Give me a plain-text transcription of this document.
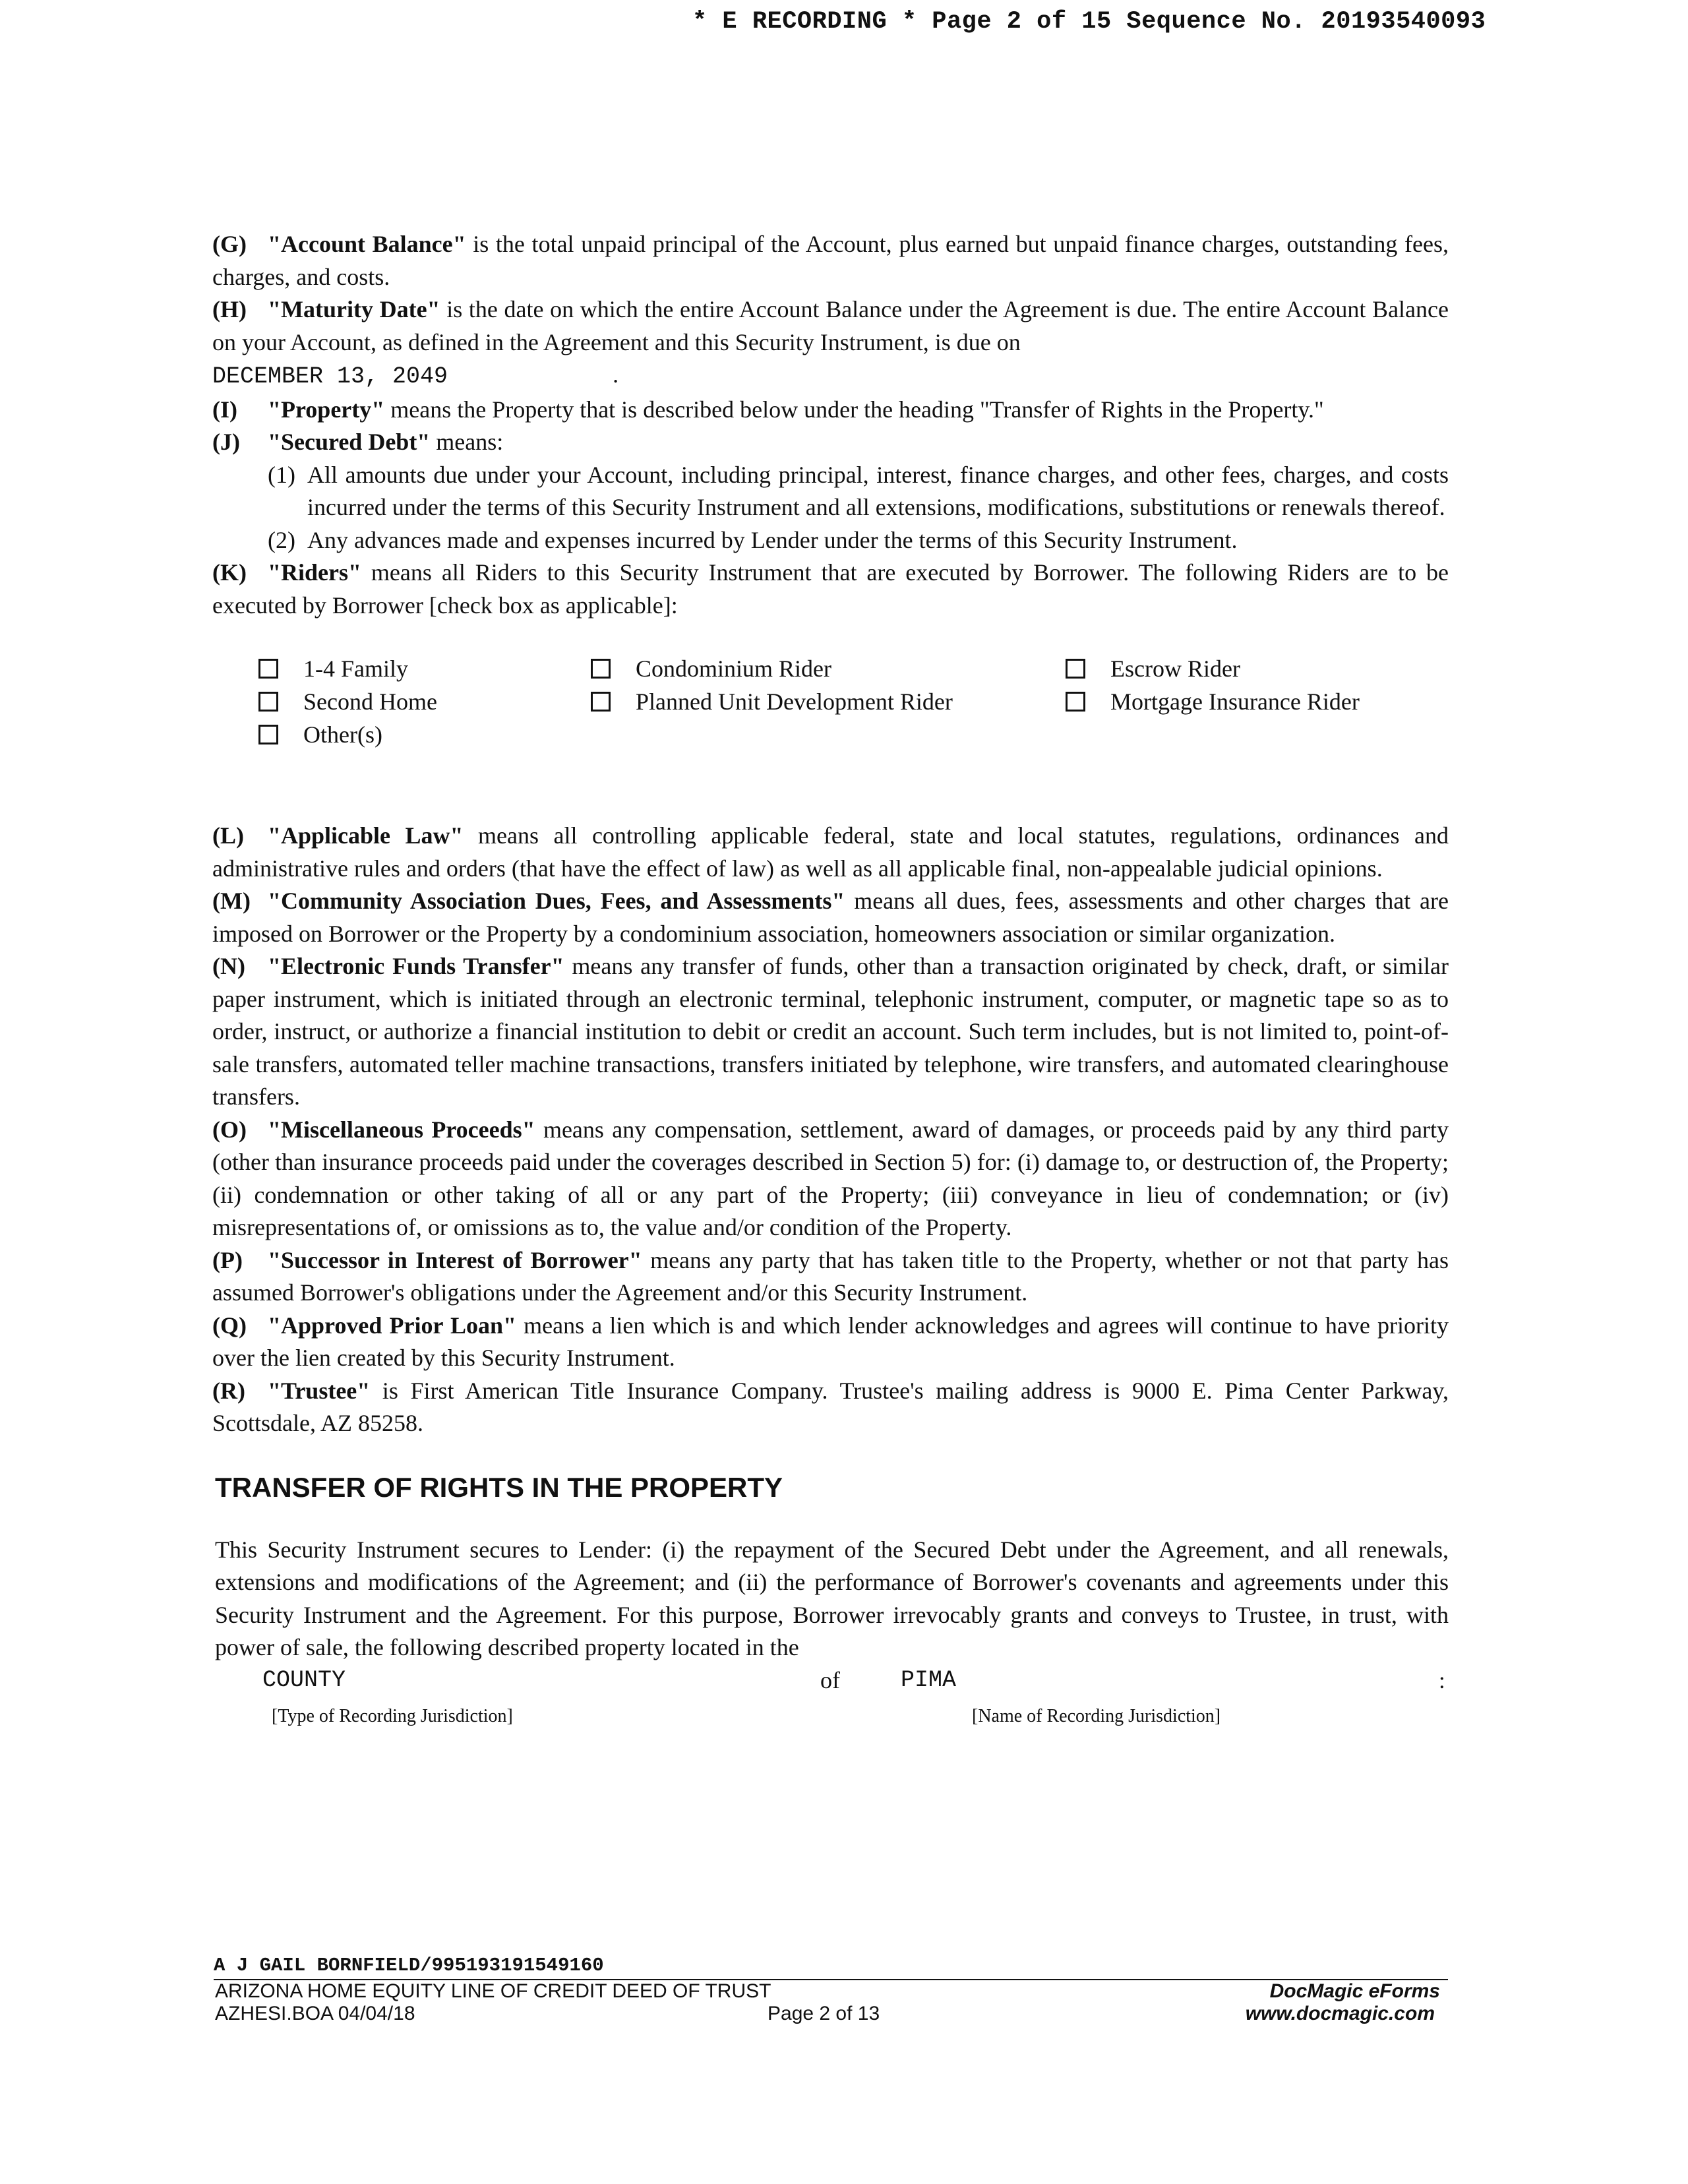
* E RECORDING * Page 2 of 15 Sequence No. 20193540093

(G) "Account Balance" is the total unpaid principal of the Account, plus earned but unpaid finance charges, outstanding fees, charges, and costs.

(H) "Maturity Date" is the date on which the entire Account Balance under the Agreement is due. The entire Account Balance on your Account, as defined in the Agreement and this Security Instrument, is due on

DECEMBER 13, 2049	.

(I) "Property" means the Property that is described below under the heading "Transfer of Rights in the Property."

(J) "Secured Debt" means:

(1) All amounts due under your Account, including principal, interest, finance charges, and other fees, charges, and costs incurred under the terms of this Security Instrument and all extensions, modifications, substitutions or renewals thereof.
(2) Any advances made and expenses incurred by Lender under the terms of this Security Instrument.

(K) "Riders" means all Riders to this Security Instrument that are executed by Borrower. The following Riders are to be executed by Borrower [check box as applicable]:

1-4 Family	Condominium Rider	Escrow Rider
Second Home	Planned Unit Development Rider	Mortgage Insurance Rider
Other(s)

(L) "Applicable Law" means all controlling applicable federal, state and local statutes, regulations, ordinances and administrative rules and orders (that have the effect of law) as well as all applicable final, non-appealable judicial opinions.

(M) "Community Association Dues, Fees, and Assessments" means all dues, fees, assessments and other charges that are imposed on Borrower or the Property by a condominium association, homeowners association or similar organization.

(N) "Electronic Funds Transfer" means any transfer of funds, other than a transaction originated by check, draft, or similar paper instrument, which is initiated through an electronic terminal, telephonic instrument, computer, or magnetic tape so as to order, instruct, or authorize a financial institution to debit or credit an account. Such term includes, but is not limited to, point-of-sale transfers, automated teller machine transactions, transfers initiated by telephone, wire transfers, and automated clearinghouse transfers.

(O) "Miscellaneous Proceeds" means any compensation, settlement, award of damages, or proceeds paid by any third party (other than insurance proceeds paid under the coverages described in Section 5) for: (i) damage to, or destruction of, the Property; (ii) condemnation or other taking of all or any part of the Property; (iii) conveyance in lieu of condemnation; or (iv) misrepresentations of, or omissions as to, the value and/or condition of the Property.

(P) "Successor in Interest of Borrower" means any party that has taken title to the Property, whether or not that party has assumed Borrower's obligations under the Agreement and/or this Security Instrument.

(Q) "Approved Prior Loan" means a lien which is and which lender acknowledges and agrees will continue to have priority over the lien created by this Security Instrument.

(R) "Trustee" is First American Title Insurance Company. Trustee's mailing address is 9000 E. Pima Center Parkway, Scottsdale, AZ 85258.

TRANSFER OF RIGHTS IN THE PROPERTY

This Security Instrument secures to Lender: (i) the repayment of the Secured Debt under the Agreement, and all renewals, extensions and modifications of the Agreement; and (ii) the performance of Borrower's covenants and agreements under this Security Instrument and the Agreement. For this purpose, Borrower irrevocably grants and conveys to Trustee, in trust, with power of sale, the following described property located in the

COUNTY	of	PIMA	:
[Type of Recording Jurisdiction]	[Name of Recording Jurisdiction]
A J GAIL BORNFIELD/995193191549160
ARIZONA HOME EQUITY LINE OF CREDIT DEED OF TRUST	DocMagic eForms
AZHESI.BOA 04/04/18	Page 2 of 13	www.docmagic.com
